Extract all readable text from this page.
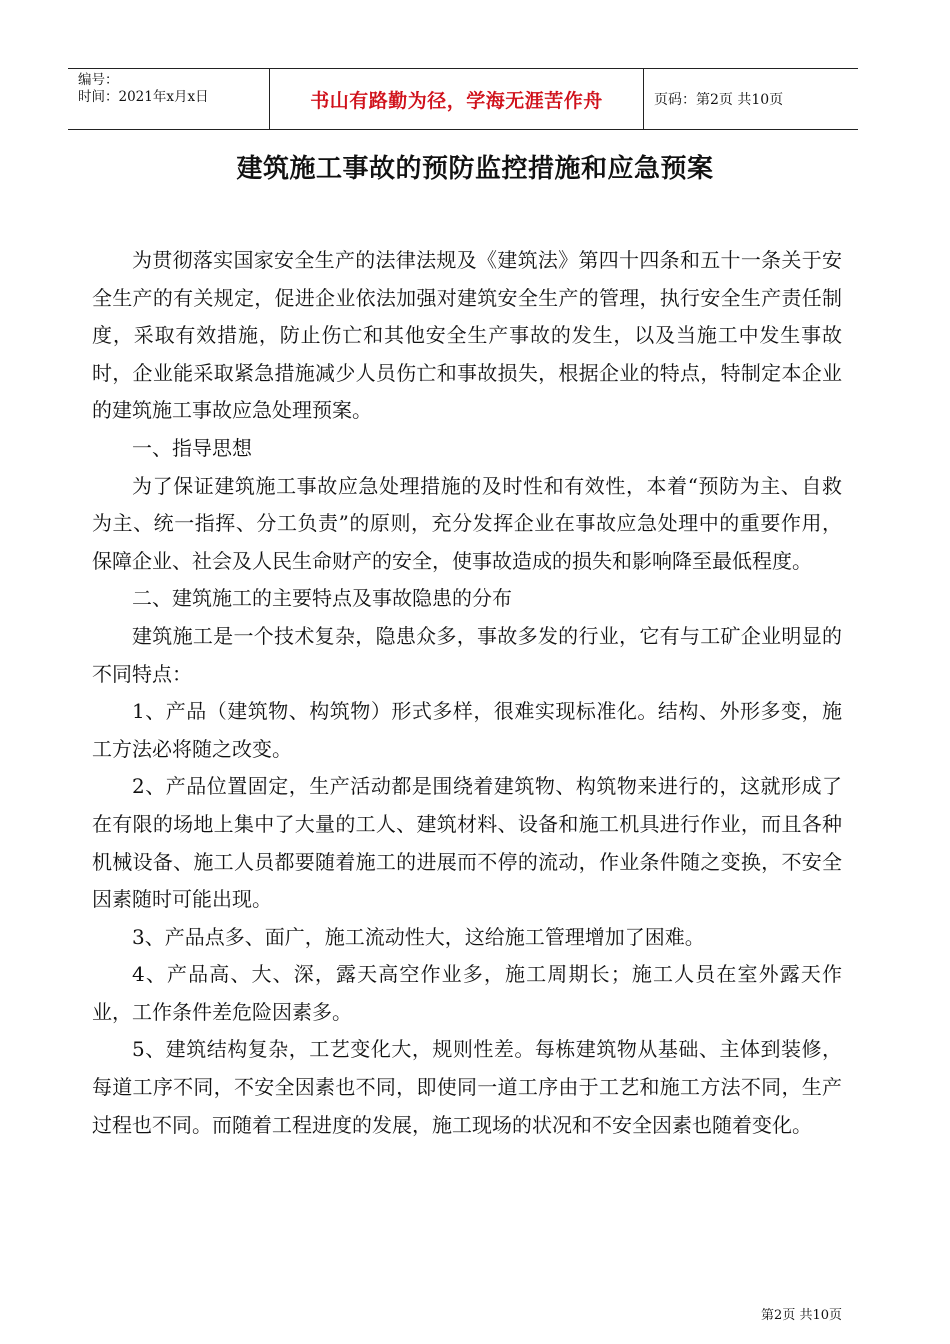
编号：
时间：2021年x月x日	书山有路勤为径，学海无涯苦作舟	页码：第2页 共10页
建筑施工事故的预防监控措施和应急预案

为贯彻落实国家安全生产的法律法规及《建筑法》第四十四条和五十一条关于安全生产的有关规定，促进企业依法加强对建筑安全生产的管理，执行安全生产责任制度，采取有效措施，防止伤亡和其他安全生产事故的发生，以及当施工中发生事故时，企业能采取紧急措施减少人员伤亡和事故损失，根据企业的特点，特制定本企业的建筑施工事故应急处理预案。

一、指导思想

为了保证建筑施工事故应急处理措施的及时性和有效性，本着“预防为主、自救为主、统一指挥、分工负责”的原则，充分发挥企业在事故应急处理中的重要作用，保障企业、社会及人民生命财产的安全，使事故造成的损失和影响降至最低程度。

二、建筑施工的主要特点及事故隐患的分布

建筑施工是一个技术复杂，隐患众多，事故多发的行业，它有与工矿企业明显的不同特点：

1、产品（建筑物、构筑物）形式多样，很难实现标准化。结构、外形多变，施工方法必将随之改变。

2、产品位置固定，生产活动都是围绕着建筑物、构筑物来进行的，这就形成了在有限的场地上集中了大量的工人、建筑材料、设备和施工机具进行作业，而且各种机械设备、施工人员都要随着施工的进展而不停的流动，作业条件随之变换，不安全因素随时可能出现。

3、产品点多、面广，施工流动性大，这给施工管理增加了困难。

4、产品高、大、深，露天高空作业多，施工周期长；施工人员在室外露天作业，工作条件差危险因素多。

5、建筑结构复杂，工艺变化大，规则性差。每栋建筑物从基础、主体到装修，每道工序不同，不安全因素也不同，即使同一道工序由于工艺和施工方法不同，生产过程也不同。而随着工程进度的发展，施工现场的状况和不安全因素也随着变化。

第2页 共10页
